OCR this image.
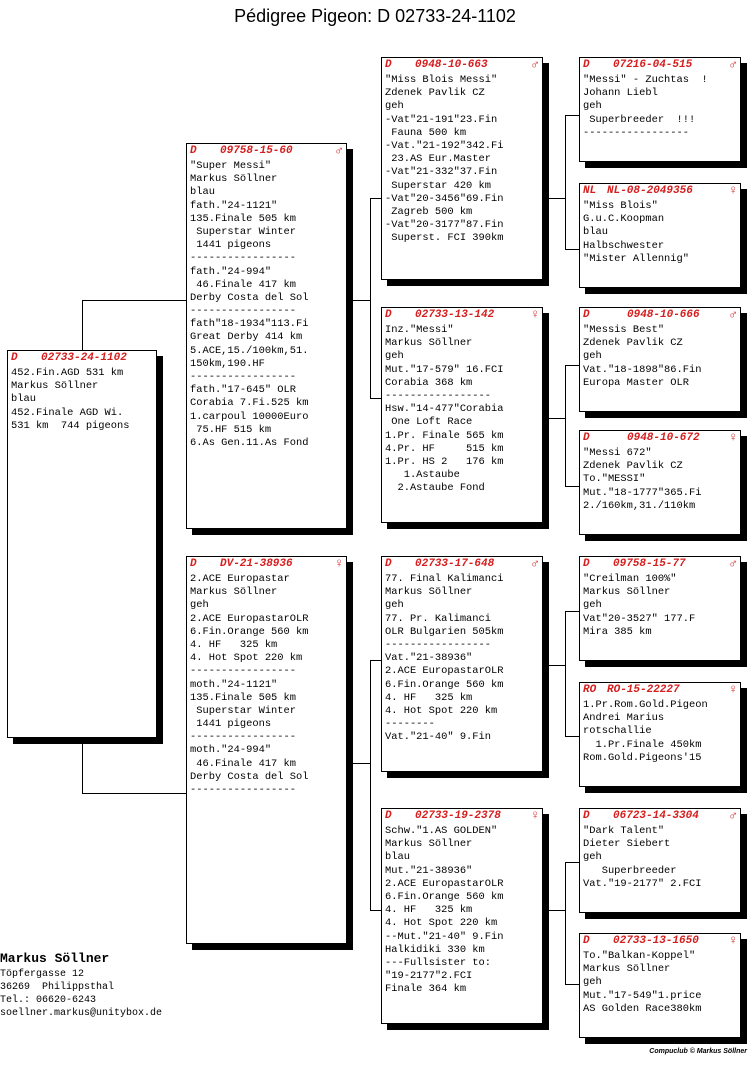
Pédigree Pigeon: D 02733-24-1102
D 02733-24-1102
452.Fin.AGD 531 km
Markus Söllner
blau
452.Finale AGD Wi.
531 km  744 pigeons
D 09758-15-60	♂
"Super Messi"
Markus Söllner
blau
fath."24-1121"
135.Finale 505 km
Superstar Winter
1441 pigeons
-----------------
fath."24-994"
46.Finale 417 km
Derby Costa del Sol
-----------------
fath"18-1934"113.Fi
Great Derby 414 km
5.ACE,15./100km,51.
150km,190.HF
-----------------
fath."17-645" OLR
Corabia 7.Fi.525 km
1.carpoul 10000Euro
75.HF 515 km
6.As Gen.11.As Fond
D DV-21-38936	♀
2.ACE Europastar
Markus Söllner
geh
2.ACE EuropastarOLR
6.Fin.Orange 560 km
4. HF   325 km
4. Hot Spot 220 km
-----------------
moth."24-1121"
135.Finale 505 km
Superstar Winter
1441 pigeons
-----------------
moth."24-994"
46.Finale 417 km
Derby Costa del Sol
-----------------
D 0948-10-663	♂
"Miss Blois Messi"
Zdenek Pavlik CZ
geh
-Vat"21-191"23.Fin
Fauna 500 km
-Vat."21-192"342.Fi
23.AS Eur.Master
-Vat"21-332"37.Fin
Superstar 420 km
-Vat"20-3456"69.Fin
Zagreb 500 km
-Vat"20-3177"87.Fin
Superst. FCI 390km
D 02733-13-142	♀
Inz."Messi"
Markus Söllner
geh
Mut."17-579" 16.FCI
Corabia 368 km
-----------------
Hsw."14-477"Corabia
One Loft Race
1.Pr. Finale 565 km
4.Pr. HF     515 km
1.Pr. HS 2   176 km
1.Astaube
2.Astaube Fond
D 02733-17-648	♂
77. Final Kalimanci
Markus Söllner
geh
77. Pr. Kalimanci
OLR Bulgarien 505km
-----------------
Vat."21-38936"
2.ACE EuropastarOLR
6.Fin.Orange 560 km
4. HF   325 km
4. Hot Spot 220 km
--------
Vat."21-40" 9.Fin
D 02733-19-2378 ♀
Schw."1.AS GOLDEN"
Markus Söllner
blau
Mut."21-38936"
2.ACE EuropastarOLR
6.Fin.Orange 560 km
4. HF   325 km
4. Hot Spot 220 km
--Mut."21-40" 9.Fin
Halkidiki 330 km
---Fullsister to:
"19-2177"2.FCI
Finale 364 km
D 07216-04-515	♂
"Messi" - Zuchtas  !
Johann Liebl
geh
Superbreeder  !!!
-----------------
NL NL-08-2049356	♀
"Miss Blois"
G.u.C.Koopman
blau
Halbschwester
"Mister Allennig"
D	0948-10-666 ♂
"Messis Best"
Zdenek Pavlik CZ
geh
Vat."18-1898"86.Fin
Europa Master OLR
D	0948-10-672 ♀
"Messi 672"
Zdenek Pavlik CZ
To."MESSI"
Mut."18-1777"365.Fi
2./160km,31./110km
D 09758-15-77	♂
"Creilman 100%"
Markus Söllner
geh
Vat"20-3527" 177.F
Mira 385 km
RO RO-15-22227	♀
1.Pr.Rom.Gold.Pigeon
Andrei Marius
rotschallie
1.Pr.Finale 450km
Rom.Gold.Pigeons'15
D 06723-14-3304 ♂
"Dark Talent"
Dieter Siebert
geh
Superbreeder
Vat."19-2177" 2.FCI
D 02733-13-1650 ♀
To."Balkan-Koppel"
Markus Söllner
geh
Mut."17-549"1.price
AS Golden Race380km
Markus Söllner
Töpfergasse 12
36269  Philippsthal
Tel.: 06620-6243
soellner.markus@unitybox.de
Compuclub © Markus Söllner
